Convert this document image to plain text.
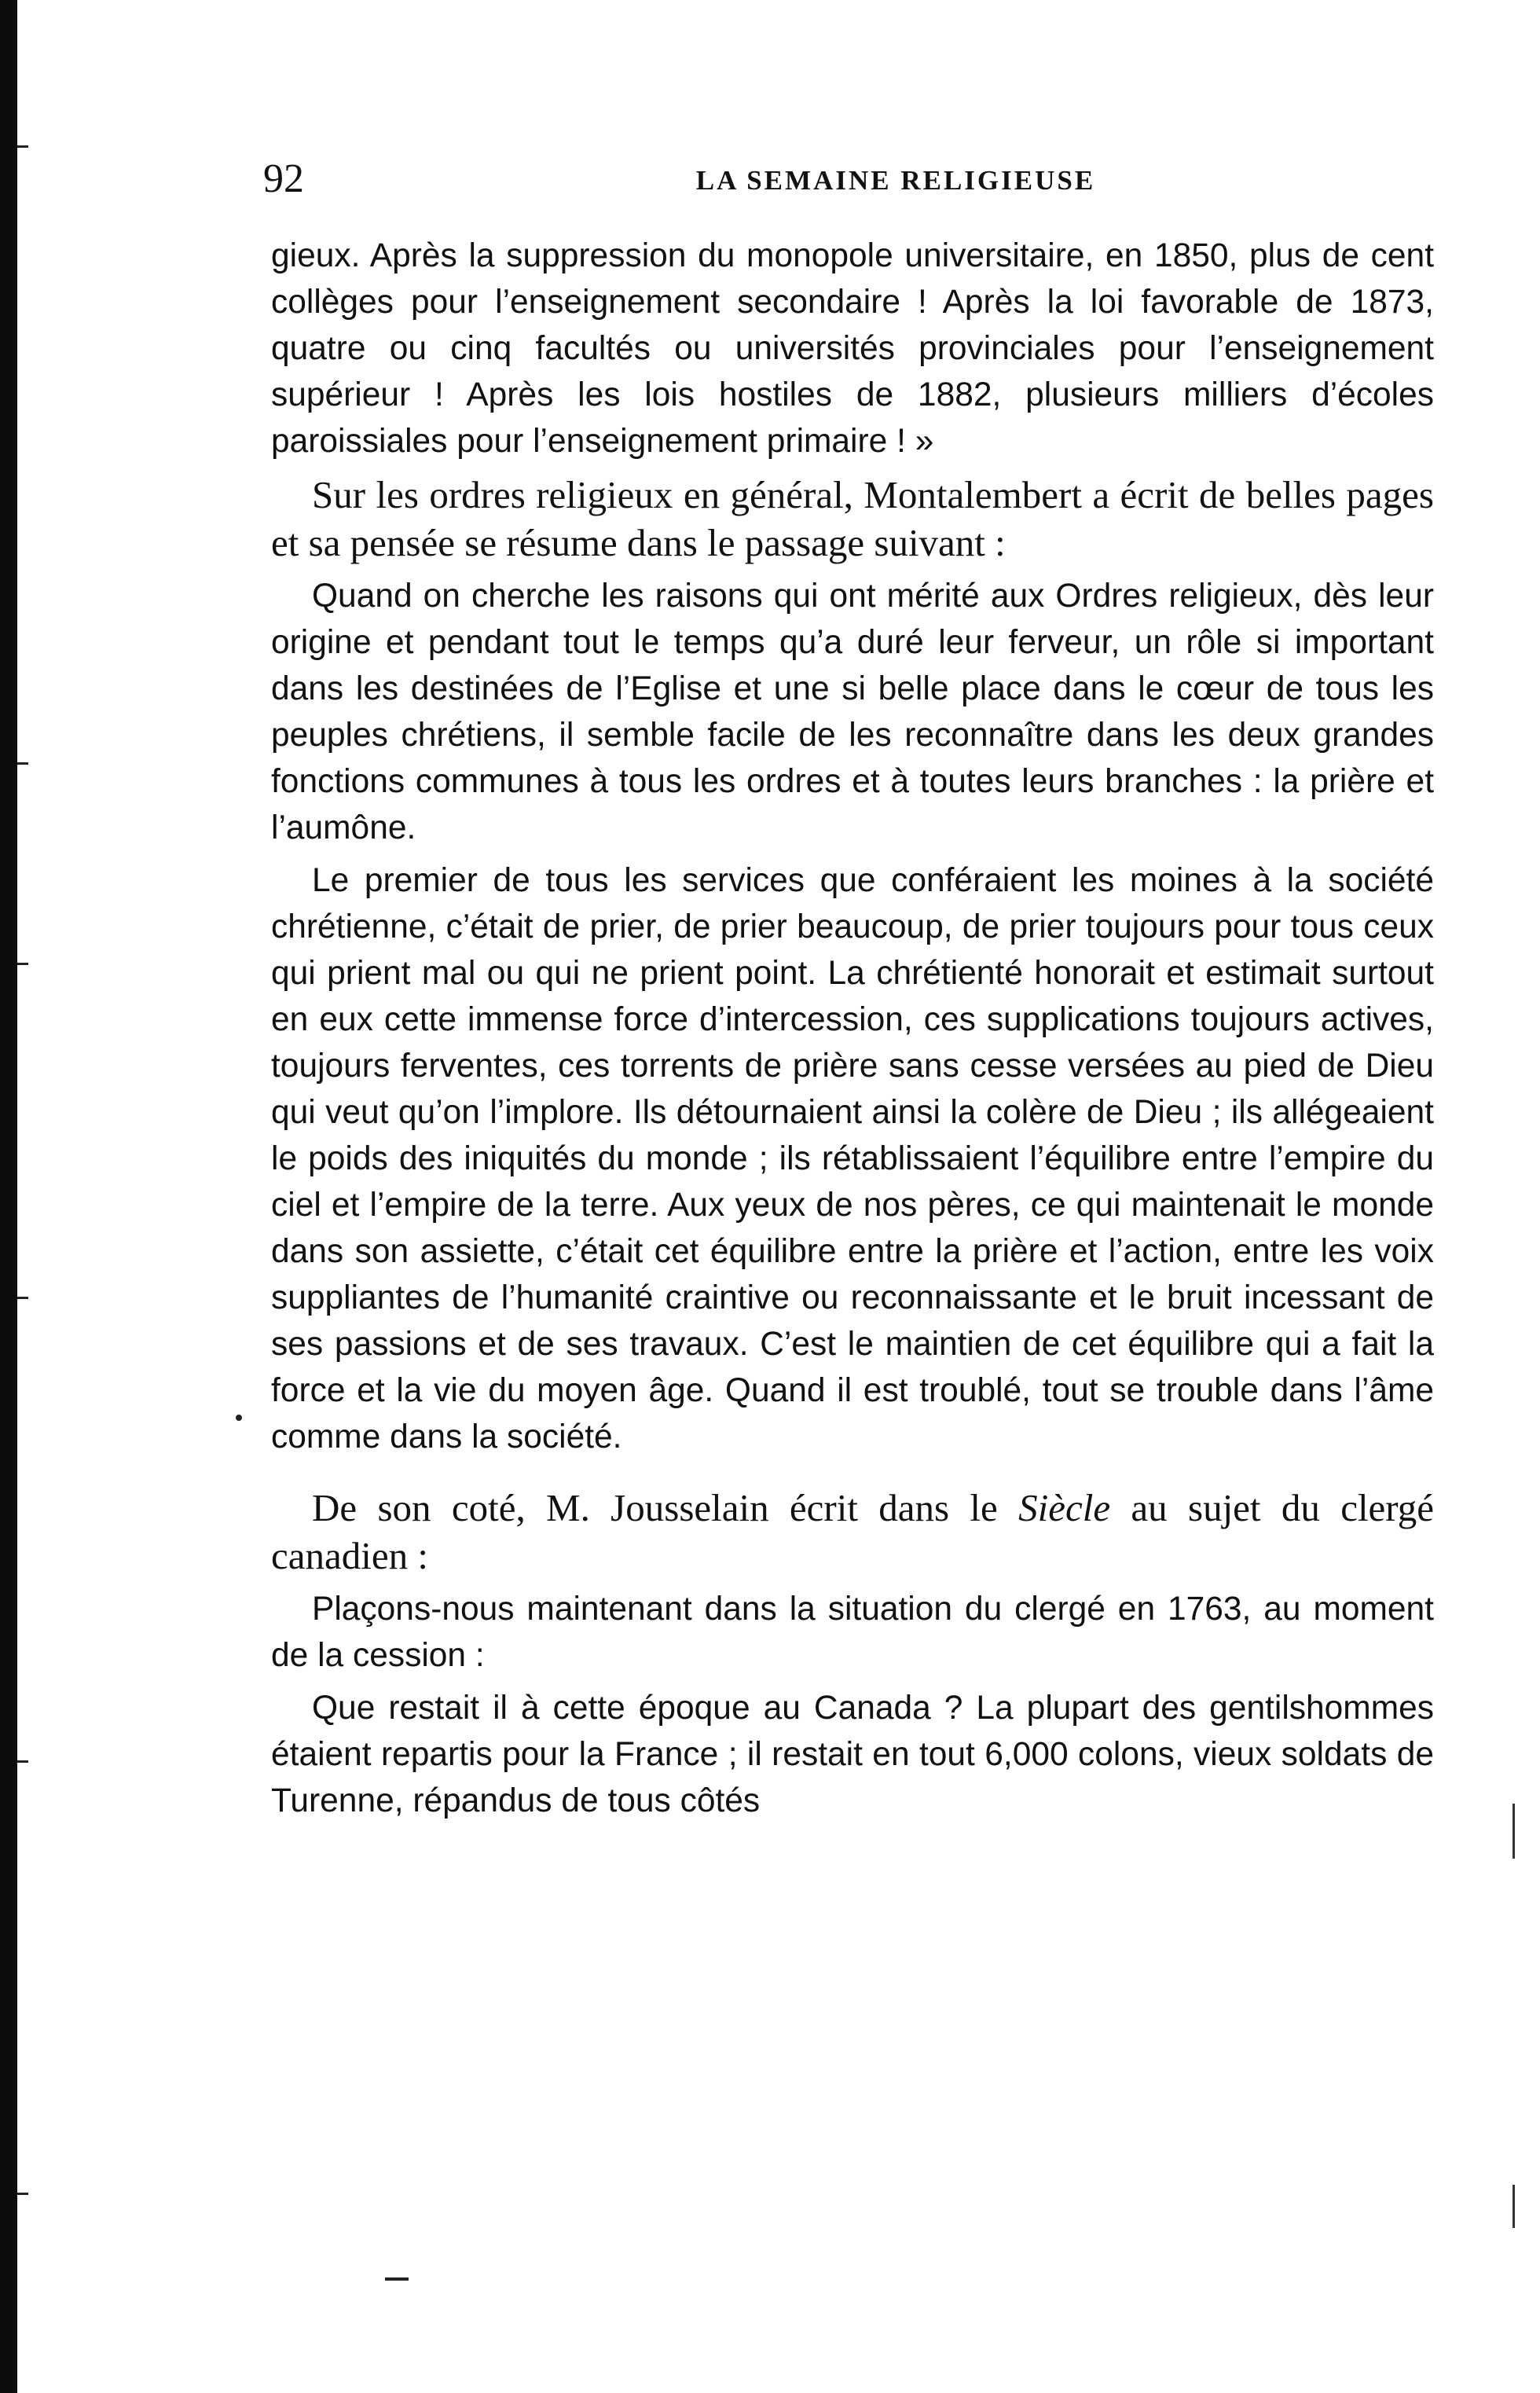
92	LA SEMAINE RELIGIEUSE

gieux. Après la suppression du monopole universitaire, en 1850, plus de cent collèges pour l’enseignement secondaire ! Après la loi favorable de 1873, quatre ou cinq facultés ou universités provinciales pour l’enseignement supérieur ! Après les lois hostiles de 1882, plusieurs milliers d’écoles paroissiales pour l’enseignement primaire ! »

Sur les ordres religieux en général, Montalembert a écrit de belles pages et sa pensée se résume dans le passage suivant :

Quand on cherche les raisons qui ont mérité aux Ordres religieux, dès leur origine et pendant tout le temps qu’a duré leur ferveur, un rôle si important dans les destinées de l’Eglise et une si belle place dans le cœur de tous les peuples chrétiens, il semble facile de les reconnaître dans les deux grandes fonctions communes à tous les ordres et à toutes leurs branches : la prière et l’aumône.

Le premier de tous les services que conféraient les moines à la société chrétienne, c’était de prier, de prier beaucoup, de prier toujours pour tous ceux qui prient mal ou qui ne prient point. La chrétienté honorait et estimait surtout en eux cette immense force d’intercession, ces supplications toujours actives, toujours ferventes, ces torrents de prière sans cesse versées au pied de Dieu qui veut qu’on l’implore. Ils détournaient ainsi la colère de Dieu ; ils allégeaient le poids des iniquités du monde ; ils rétablissaient l’équilibre entre l’empire du ciel et l’empire de la terre. Aux yeux de nos pères, ce qui maintenait le monde dans son assiette, c’était cet équilibre entre la prière et l’action, entre les voix suppliantes de l’humanité craintive ou reconnaissante et le bruit incessant de ses passions et de ses travaux. C’est le maintien de cet équilibre qui a fait la force et la vie du moyen âge. Quand il est troublé, tout se trouble dans l’âme comme dans la société.

De son coté, M. Jousselain écrit dans le Siècle au sujet du clergé canadien :

Plaçons-nous maintenant dans la situation du clergé en 1763, au moment de la cession :

Que restait il à cette époque au Canada ? La plupart des gentilshommes étaient repartis pour la France ; il restait en tout 6,000 colons, vieux soldats de Turenne, répandus de tous côtés
